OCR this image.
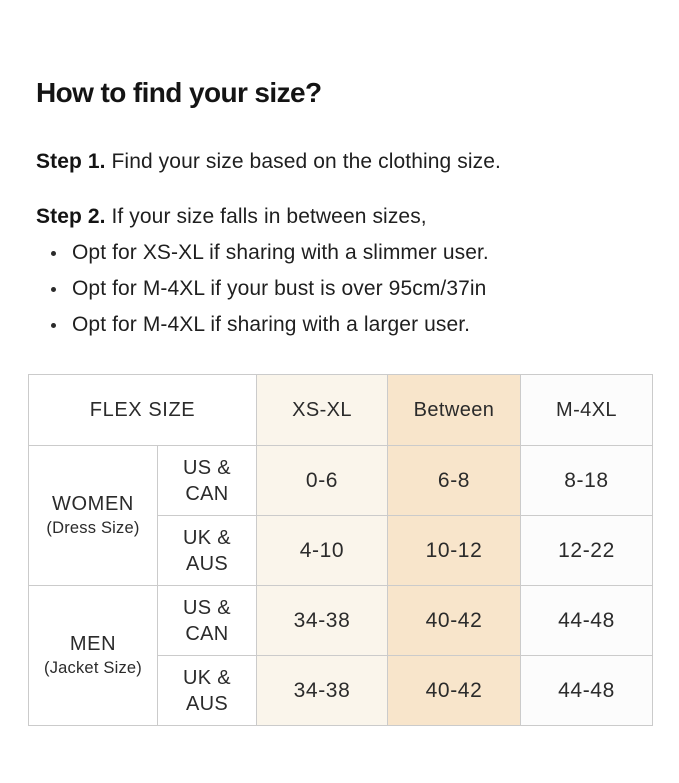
How to find your size?

Step 1. Find your size based on the clothing size.

Step 2. If your size falls in between sizes,

Opt for XS-XL if sharing with a slimmer user.
Opt for M-4XL if your bust is over 95cm/37in
Opt for M-4XL if sharing with a larger user.
FLEX SIZE		XS-XL	Between	M-4XL

WOMEN
(Dress Size)	US & CAN	0-6	6-8	8-18

	UK & AUS	4-10	10-12	12-22

MEN
(Jacket Size)	US & CAN	34-38	40-42	44-48

	UK & AUS	34-38	40-42	44-48
